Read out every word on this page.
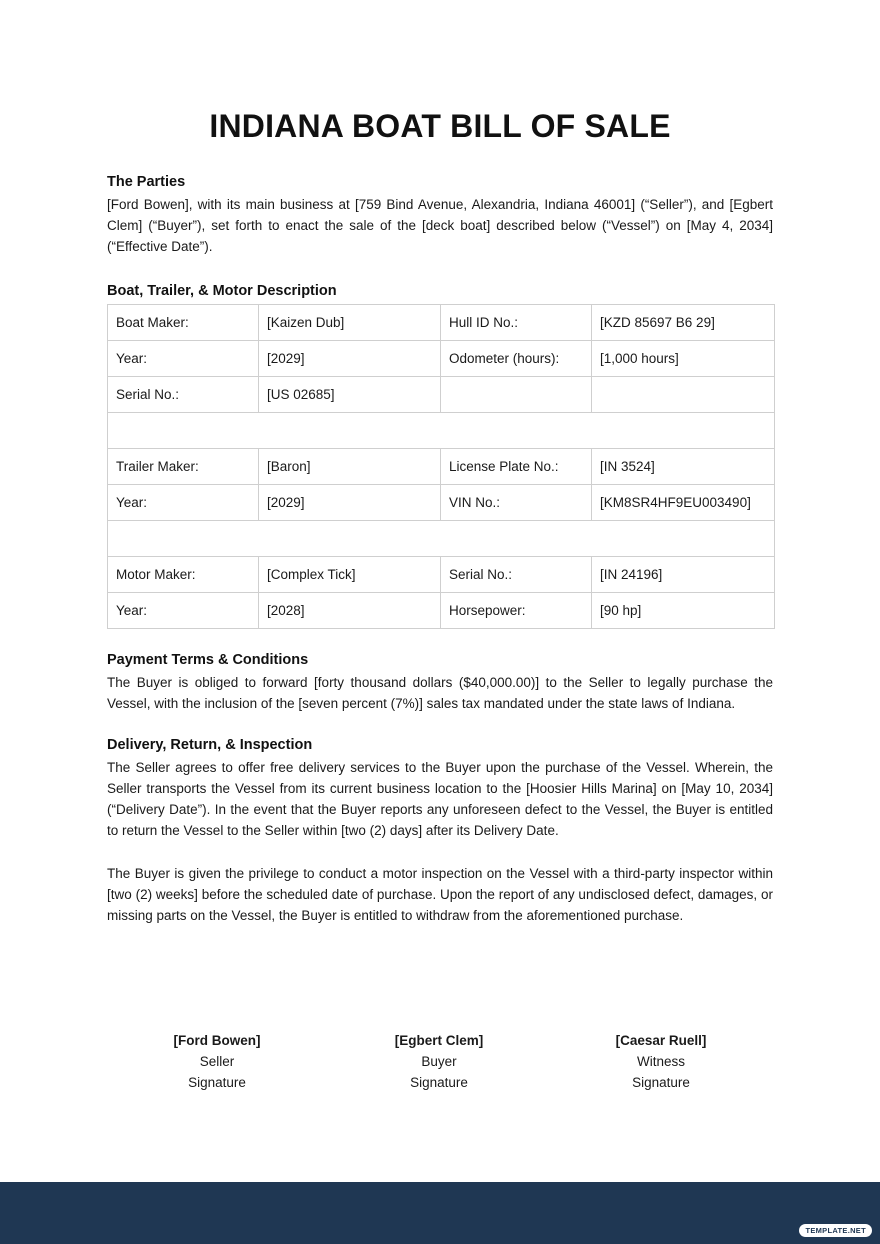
INDIANA BOAT BILL OF SALE
The Parties

[Ford Bowen], with its main business at [759 Bind Avenue, Alexandria, Indiana 46001] (“Seller”), and [Egbert Clem] (“Buyer”), set forth to enact the sale of the [deck boat] described below (“Vessel”) on [May 4, 2034] (“Effective Date”).

Boat, Trailer, & Motor Description
Boat Maker:	[Kaizen Dub]	Hull ID No.:	[KZD 85697 B6 29]
Year:	[2029]	Odometer (hours):	[1,000 hours]
Serial No.:	[US 02685]		

Trailer Maker:	[Baron]	License Plate No.:	[IN 3524]
Year:	[2029]	VIN No.:	[KM8SR4HF9EU003490]

Motor Maker:	[Complex Tick]	Serial No.:	[IN 24196]
Year:	[2028]	Horsepower:	[90 hp]
Payment Terms & Conditions

The Buyer is obliged to forward [forty thousand dollars ($40,000.00)] to the Seller to legally purchase the Vessel, with the inclusion of the [seven percent (7%)] sales tax mandated under the state laws of Indiana.

Delivery, Return, & Inspection

The Seller agrees to offer free delivery services to the Buyer upon the purchase of the Vessel. Wherein, the Seller transports the Vessel from its current business location to the [Hoosier Hills Marina] on [May 10, 2034] (“Delivery Date”). In the event that the Buyer reports any unforeseen defect to the Vessel, the Buyer is entitled to return the Vessel to the Seller within [two (2) days] after its Delivery Date.

The Buyer is given the privilege to conduct a motor inspection on the Vessel with a third-party inspector within [two (2) weeks] before the scheduled date of purchase. Upon the report of any undisclosed defect, damages, or missing parts on the Vessel, the Buyer is entitled to withdraw from the aforementioned purchase.

[Ford Bowen]
Seller
Signature
[Egbert Clem]
Buyer
Signature
[Caesar Ruell]
Witness
Signature
TEMPLATE.NET
